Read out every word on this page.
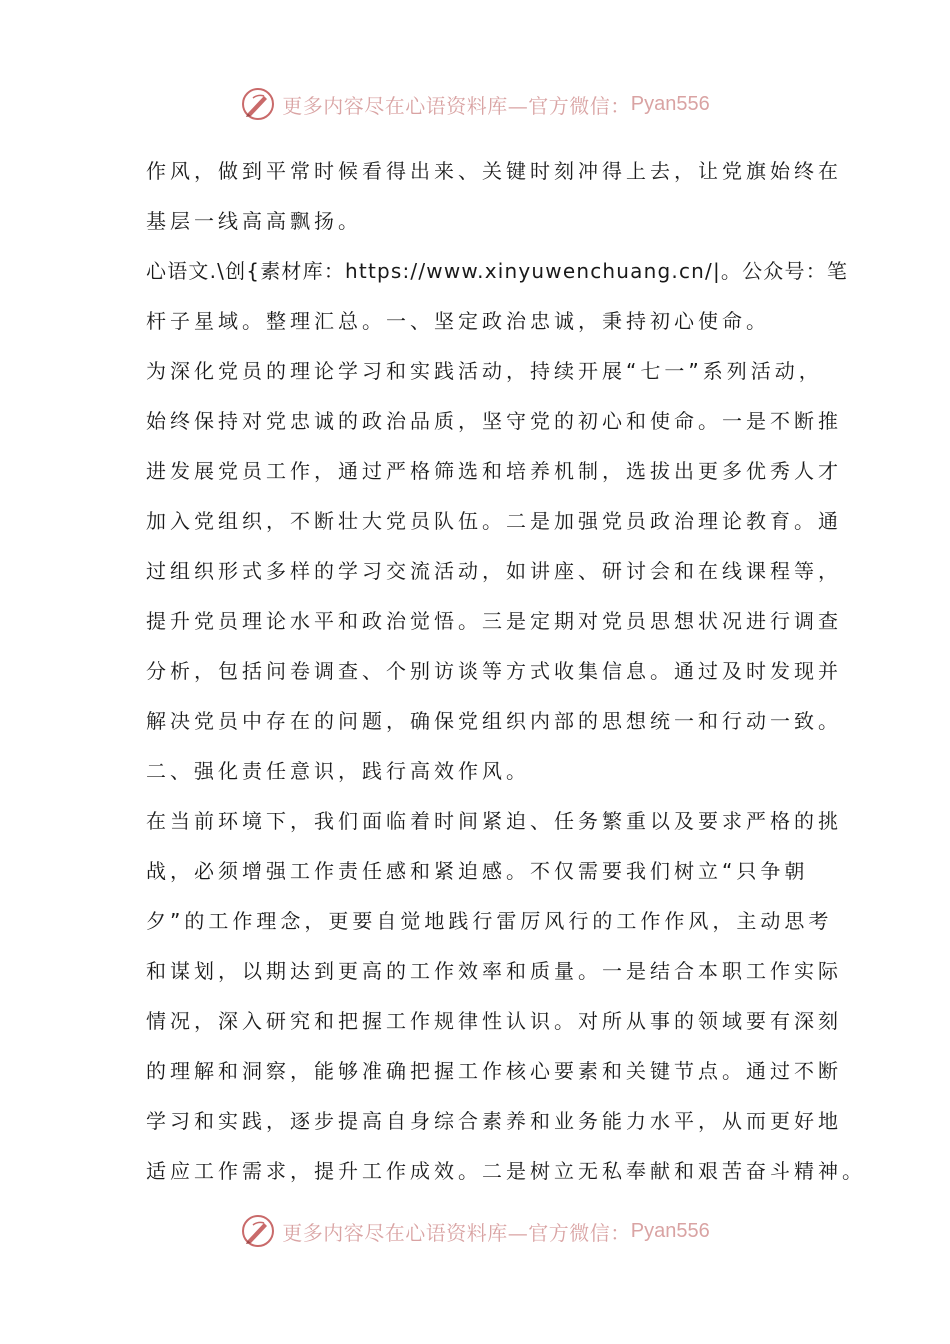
更多内容尽在心语资料库—官方微信： Pyan556
作风，做到平常时候看得出来、关键时刻冲得上去，让党旗始终在
基层一线高高飘扬。
心语文.\创{素材库：https://www.xinyuwenchuang.cn/|。公众号：笔
杆子星域。整理汇总。一、坚定政治忠诚，秉持初心使命。
为深化党员的理论学习和实践活动，持续开展“七一”系列活动，
始终保持对党忠诚的政治品质，坚守党的初心和使命。一是不断推
进发展党员工作，通过严格筛选和培养机制，选拔出更多优秀人才
加入党组织，不断壮大党员队伍。二是加强党员政治理论教育。通
过组织形式多样的学习交流活动，如讲座、研讨会和在线课程等，
提升党员理论水平和政治觉悟。三是定期对党员思想状况进行调查
分析，包括问卷调查、个别访谈等方式收集信息。通过及时发现并
解决党员中存在的问题，确保党组织内部的思想统一和行动一致。
二、强化责任意识，践行高效作风。
在当前环境下，我们面临着时间紧迫、任务繁重以及要求严格的挑
战，必须增强工作责任感和紧迫感。不仅需要我们树立“只争朝
夕”的工作理念，更要自觉地践行雷厉风行的工作作风，主动思考
和谋划，以期达到更高的工作效率和质量。一是结合本职工作实际
情况，深入研究和把握工作规律性认识。对所从事的领域要有深刻
的理解和洞察，能够准确把握工作核心要素和关键节点。通过不断
学习和实践，逐步提高自身综合素养和业务能力水平，从而更好地
适应工作需求，提升工作成效。二是树立无私奉献和艰苦奋斗精神。
更多内容尽在心语资料库—官方微信： Pyan556
